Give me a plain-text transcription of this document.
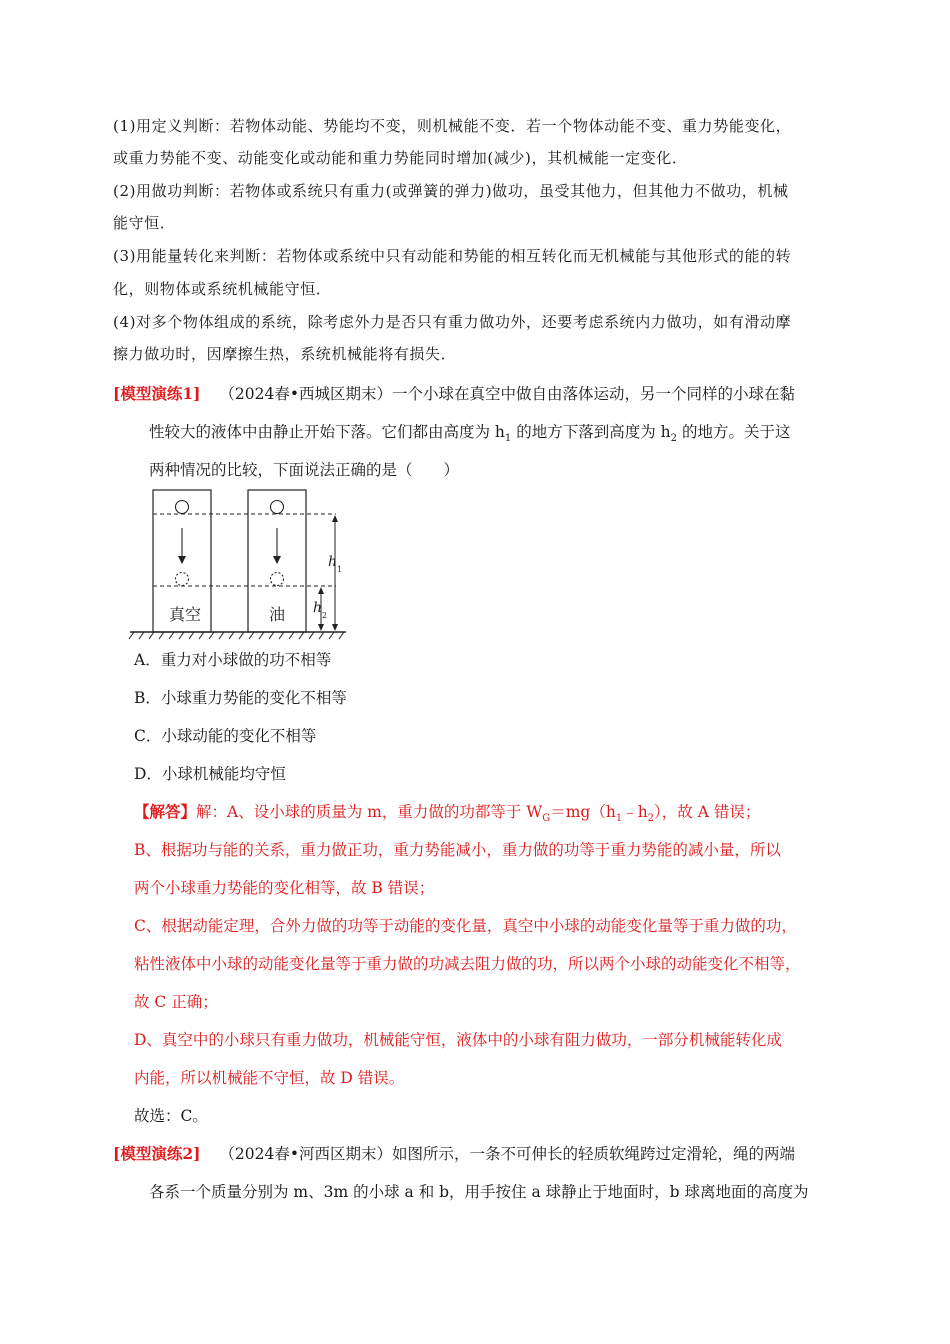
(1)用定义判断：若物体动能、势能均不变，则机械能不变．若一个物体动能不变、重力势能变化，
或重力势能不变、动能变化或动能和重力势能同时增加(减少)，其机械能一定变化．
(2)用做功判断：若物体或系统只有重力(或弹簧的弹力)做功，虽受其他力，但其他力不做功，机械
能守恒．
(3)用能量转化来判断：若物体或系统中只有动能和势能的相互转化而无机械能与其他形式的能的转
化，则物体或系统机械能守恒．
(4)对多个物体组成的系统，除考虑外力是否只有重力做功外，还要考虑系统内力做功，如有滑动摩
擦力做功时，因摩擦生热，系统机械能将有损失．
[模型演练1] （2024春•西城区期末）一个小球在真空中做自由落体运动，另一个同样的小球在黏
性较大的液体中由静止开始下落。它们都由高度为 $h_1$ 的地方下落到高度为 $h_2$ 的地方。关于这
两种情况的比较，下面说法正确的是（　　）
真空	油
h 1
h 2
A．重力对小球做的功不相等
B．小球重力势能的变化不相等
C．小球动能的变化不相等
D．小球机械能均守恒
【解答】解：A、设小球的质量为 m，重力做的功都等于 $W_G=mg(h_1﹣h_2)$，故 A 错误；
B、根据功与能的关系，重力做正功，重力势能减小，重力做的功等于重力势能的减小量，所以
两个小球重力势能的变化相等，故 B 错误；
C、根据动能定理，合外力做的功等于动能的变化量，真空中小球的动能变化量等于重力做的功，
粘性液体中小球的动能变化量等于重力做的功减去阻力做的功，所以两个小球的动能变化不相等，
故 C 正确；
D、真空中的小球只有重力做功，机械能守恒，液体中的小球有阻力做功，一部分机械能转化成
内能，所以机械能不守恒，故 D 错误。
故选：C。
[模型演练2] （2024春•河西区期末）如图所示，一条不可伸长的轻质软绳跨过定滑轮，绳的两端
各系一个质量分别为 m、3m 的小球 a 和 b，用手按住 a 球静止于地面时，b 球离地面的高度为
